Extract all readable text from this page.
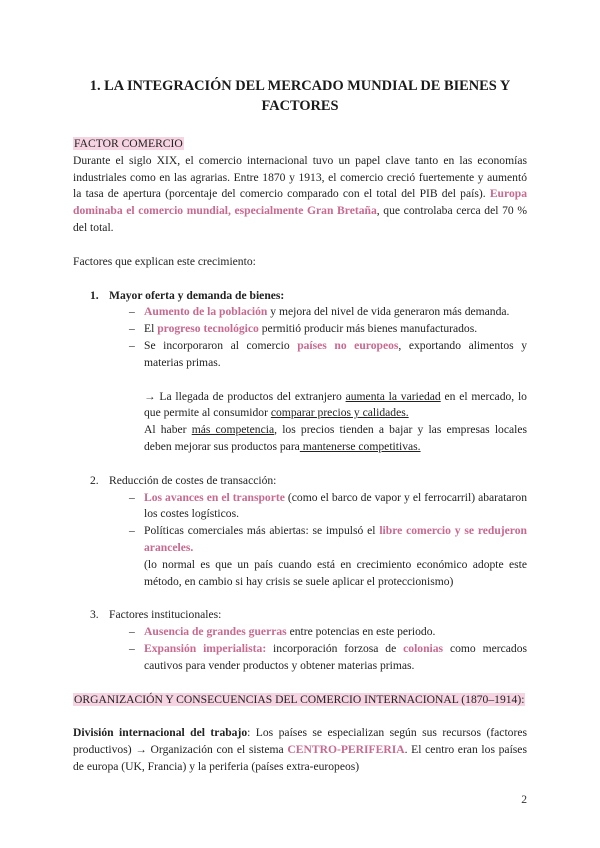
1. LA INTEGRACIÓN DEL MERCADO MUNDIAL DE BIENES Y FACTORES

FACTOR COMERCIO

Durante el siglo XIX, el comercio internacional tuvo un papel clave tanto en las economías industriales como en las agrarias. Entre 1870 y 1913, el comercio creció fuertemente y aumentó la tasa de apertura (porcentaje del comercio comparado con el total del PIB del país). Europa dominaba el comercio mundial, especialmente Gran Bretaña, que controlaba cerca del 70 % del total.

Factores que explican este crecimiento:

1. Mayor oferta y demanda de bienes:
– Aumento de la población y mejora del nivel de vida generaron más demanda.
– El progreso tecnológico permitió producir más bienes manufacturados.
– Se incorporaron al comercio países no europeos, exportando alimentos y materias primas.
→ La llegada de productos del extranjero aumenta la variedad en el mercado, lo que permite al consumidor comparar precios y calidades.
Al haber más competencia, los precios tienden a bajar y las empresas locales deben mejorar sus productos para mantenerse competitivas.
2. Reducción de costes de transacción:
– Los avances en el transporte (como el barco de vapor y el ferrocarril) abarataron los costes logísticos.
– Políticas comerciales más abiertas: se impulsó el libre comercio y se redujeron aranceles.
(lo normal es que un país cuando está en crecimiento económico adopte este método, en cambio si hay crisis se suele aplicar el proteccionismo)
3. Factores institucionales:
– Ausencia de grandes guerras entre potencias en este periodo.
– Expansión imperialista: incorporación forzosa de colonias como mercados cautivos para vender productos y obtener materias primas.

ORGANIZACIÓN Y CONSECUENCIAS DEL COMERCIO INTERNACIONAL (1870–1914):

División internacional del trabajo: Los países se especializan según sus recursos (factores productivos) → Organización con el sistema CENTRO-PERIFERIA. El centro eran los países de europa (UK, Francia) y la periferia (países extra-europeos)

2
